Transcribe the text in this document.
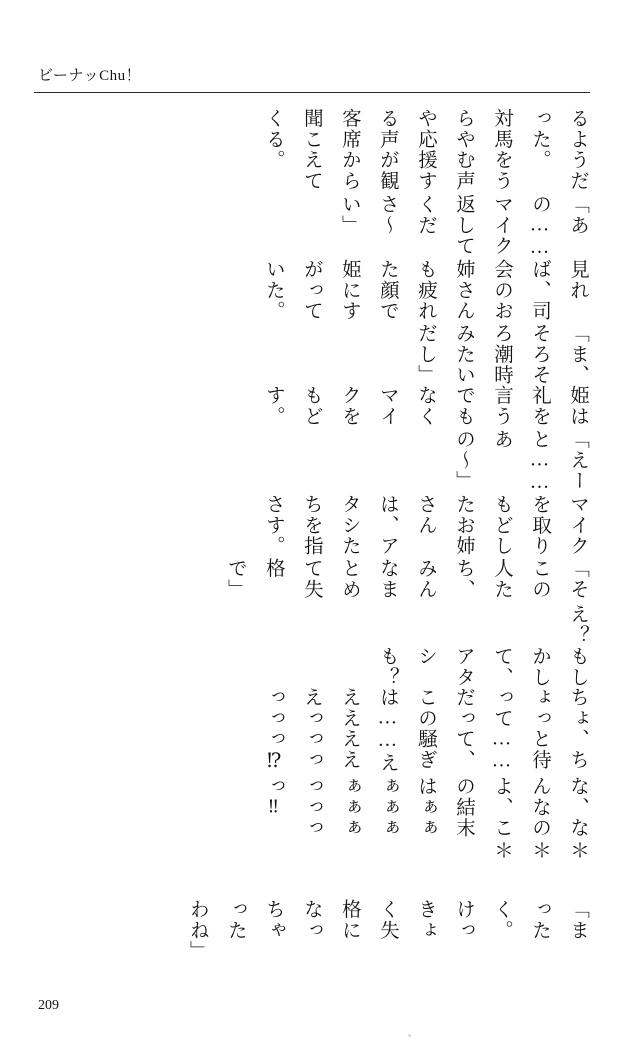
ビーナッChu！

るようだった。 対馬をうらやむ声や応援する声が観客席から聞こえてくる。

「あの……マイク返してくださ〜い」

見れば、司会のお姉さんも疲れた顔で姫にすがっていた。

「ま、そろそろ潮時みたいだし」

姫は礼を言うでもなくマイクをもどす。

「えーと……あの〜」

マイクを取りもどしたお姉さんは、アタシたちを指さす。

「そこの人たち、みんなまとめて失格で」

え？

もしかして、アタシも？

ちょ、ちょっと待って……だって、この騒ぎは……ええええええっっっっっっ⁉

な、なんなのよ、この結末はぁぁぁぁぁぁぁぁっっっっ‼

＊　＊　＊

「まったく。 けっきょく失格になっちゃったわね」

209
